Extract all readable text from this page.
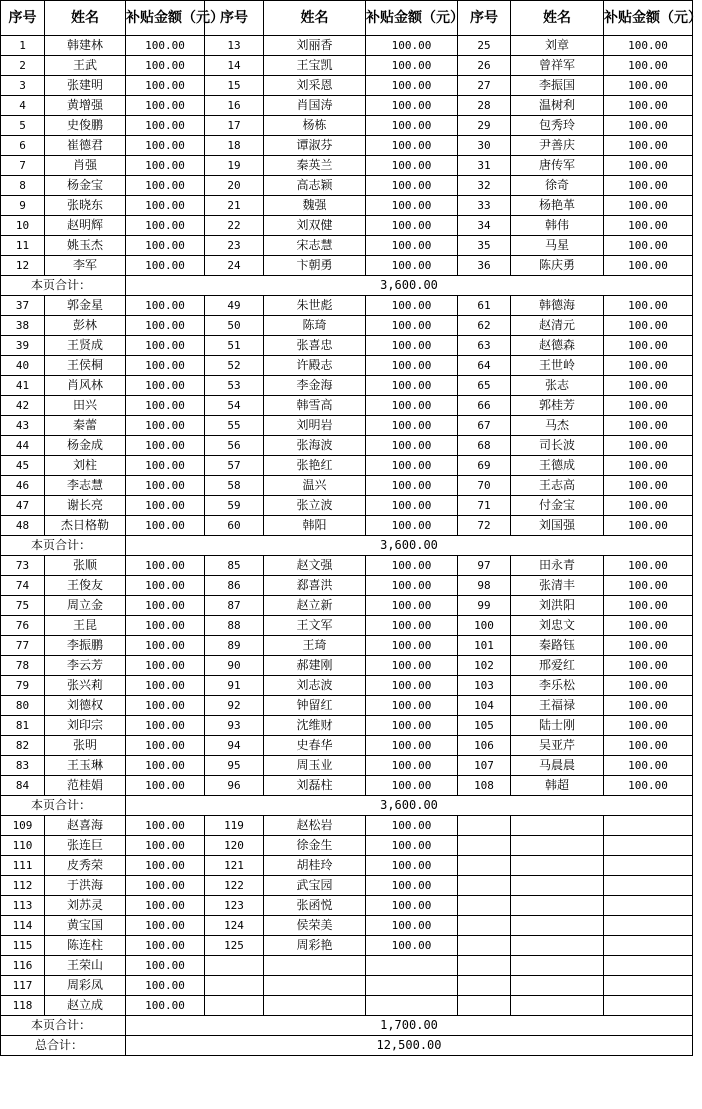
序号	姓名	补贴金额（元）	序号	姓名	补贴金额（元）	序号	姓名	补贴金额（元）
1	韩建林	100.00	13	刘丽香	100.00	25	刘章	100.00
2	王武	100.00	14	王宝凯	100.00	26	曾祥军	100.00
3	张建明	100.00	15	刘采恩	100.00	27	李振国	100.00
4	黄增强	100.00	16	肖国涛	100.00	28	温树利	100.00
5	史俊鹏	100.00	17	杨栋	100.00	29	包秀玲	100.00
6	崔德君	100.00	18	谭淑芬	100.00	30	尹善庆	100.00
7	肖强	100.00	19	秦英兰	100.00	31	唐传军	100.00
8	杨金宝	100.00	20	高志颖	100.00	32	徐奇	100.00
9	张晓东	100.00	21	魏强	100.00	33	杨艳革	100.00
10	赵明辉	100.00	22	刘双健	100.00	34	韩伟	100.00
11	姚玉杰	100.00	23	宋志慧	100.00	35	马星	100.00
12	李军	100.00	24	卞朝勇	100.00	36	陈庆勇	100.00
本页合计：		3,600.00						
37	郭金星	100.00	49	朱世彪	100.00	61	韩德海	100.00
38	彭林	100.00	50	陈琦	100.00	62	赵清元	100.00
39	王贤成	100.00	51	张喜忠	100.00	63	赵德森	100.00
40	王侯桐	100.00	52	许殿志	100.00	64	王世岭	100.00
41	肖风林	100.00	53	李金海	100.00	65	张志	100.00
42	田兴	100.00	54	韩雪高	100.00	66	郭桂芳	100.00
43	秦蕾	100.00	55	刘明岩	100.00	67	马杰	100.00
44	杨金成	100.00	56	张海波	100.00	68	司长波	100.00
45	刘柱	100.00	57	张艳红	100.00	69	王德成	100.00
46	李志慧	100.00	58	温兴	100.00	70	王志高	100.00
47	谢长亮	100.00	59	张立波	100.00	71	付金宝	100.00
48	杰日格勒	100.00	60	韩阳	100.00	72	刘国强	100.00
本页合计：		3,600.00						
73	张顺	100.00	85	赵文强	100.00	97	田永青	100.00
74	王俊友	100.00	86	郄喜洪	100.00	98	张清丰	100.00
75	周立金	100.00	87	赵立新	100.00	99	刘洪阳	100.00
76	王昆	100.00	88	王文军	100.00	100	刘忠文	100.00
77	李振鹏	100.00	89	王琦	100.00	101	秦路钰	100.00
78	李云芳	100.00	90	郝建刚	100.00	102	邢爱红	100.00
79	张兴莉	100.00	91	刘志波	100.00	103	李乐松	100.00
80	刘德权	100.00	92	钟留红	100.00	104	王福禄	100.00
81	刘印宗	100.00	93	沈维财	100.00	105	陆士刚	100.00
82	张明	100.00	94	史春华	100.00	106	吴亚芹	100.00
83	王玉琳	100.00	95	周玉业	100.00	107	马晨晨	100.00
84	范桂娟	100.00	96	刘磊柱	100.00	108	韩超	100.00
本页合计：		3,600.00						
109	赵喜海	100.00	119	赵松岩	100.00			
110	张连巨	100.00	120	徐金生	100.00			
111	皮秀荣	100.00	121	胡桂玲	100.00			
112	于洪海	100.00	122	武宝园	100.00			
113	刘苏灵	100.00	123	张函悦	100.00			
114	黄宝国	100.00	124	侯荣美	100.00			
115	陈连柱	100.00	125	周彩艳	100.00			
116	王荣山	100.00						
117	周彩凤	100.00						
118	赵立成	100.00						
本页合计：		1,700.00						
总合计：		12,500.00						
